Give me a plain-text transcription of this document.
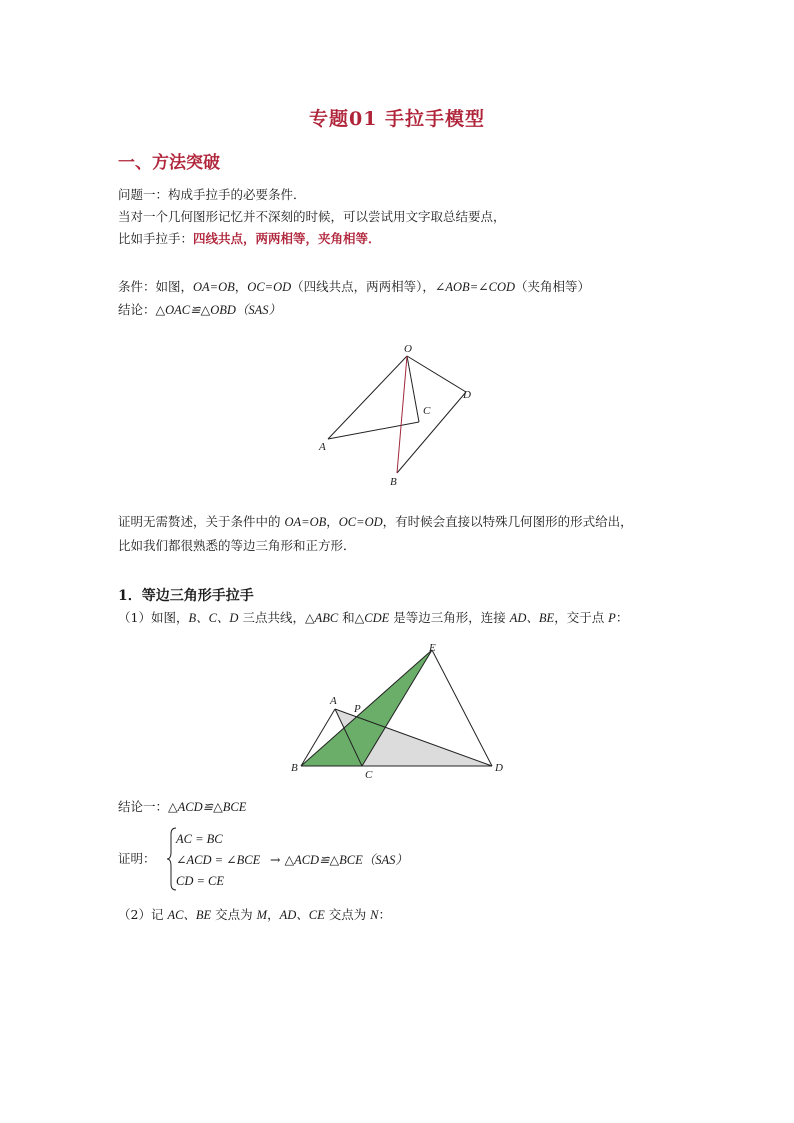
专题01 手拉手模型
一、方法突破
问题一：构成手拉手的必要条件．
当对一个几何图形记忆并不深刻的时候，可以尝试用文字取总结要点，
比如手拉手：四线共点，两两相等，夹角相等．
条件：如图，OA=OB，OC=OD（四线共点，两两相等），∠AOB=∠COD（夹角相等）
结论：△OAC≌△OBD（SAS）
O
D
C
A
B
证明无需赘述，关于条件中的 OA=OB，OC=OD，有时候会直接以特殊几何图形的形式给出，
比如我们都很熟悉的等边三角形和正方形．
1．等边三角形手拉手
（1）如图，B、C、D 三点共线，△ABC 和△CDE 是等边三角形，连接 AD、BE，交于点 P：
E
A
P
B
C
D
结论一：△ACD≌△BCE
证明：
AC = BC
∠ACD = ∠BCE
CD = CE
→ △ACD≌△BCE（SAS）
（2）记 AC、BE 交点为 M，AD、CE 交点为 N：
